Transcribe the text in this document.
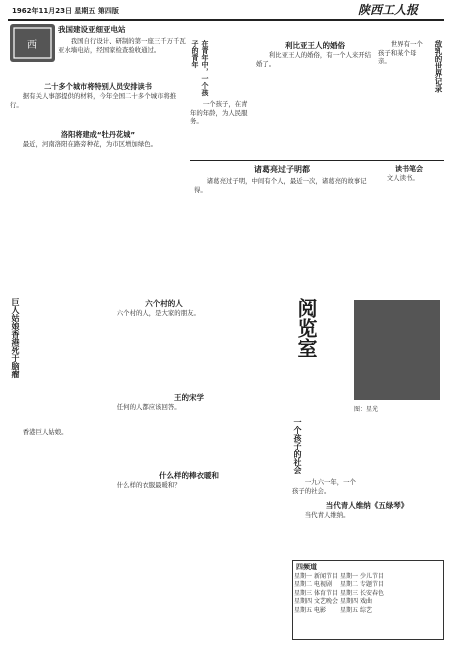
1962年11月23日 星期五 第四版	陕西工人报
西
我国建设亚细亚电站

我国自行设计、研制的第一座三千万千瓦亚水墙电站，经国家检查验收通过。

二十多个城市将特别人员安排读书

据有关人事部提供的材料，今年全国二十多个城市将推行。

洛阳将建成“牡丹花城”

最近，河南洛阳在路旁种花，为市区增加绿色。

在青年中，一个孩子的青年

一个孩子，在青年的年龄，为人民服务。

利比亚王人的婚俗

利比亚王人的婚俗，有一个人来开结婚了。	敌乳的世界记录

世界有一个孩子和某个母亲。

诸葛亮过子明都

诸葛亮过子明，中间有个人，最近一次，诸葛亮的故事记得。

读书笔会

文人读书。

巨人姑娘香港死于脑瘤

香港巨人姑娘。

六个村的人

六个村的人，是大家的朋友。

王的宋学

任何的人都应该回答。

什么样的棒衣暖和

什么样的衣服最暖和？

阅览室
图：星光
一个孩子的社会

一九六一年，一个孩子的社会。

当代青人维纳《五绿琴》

当代青人维纳。

四频道
星期一	新闻节目	星期一	少儿节目
星期二	电视剧	星期二	专题节目
星期三	体育节目	星期三	长安春色
星期四	文艺晚会	星期四	戏曲
星期五	电影	星期五	综艺
